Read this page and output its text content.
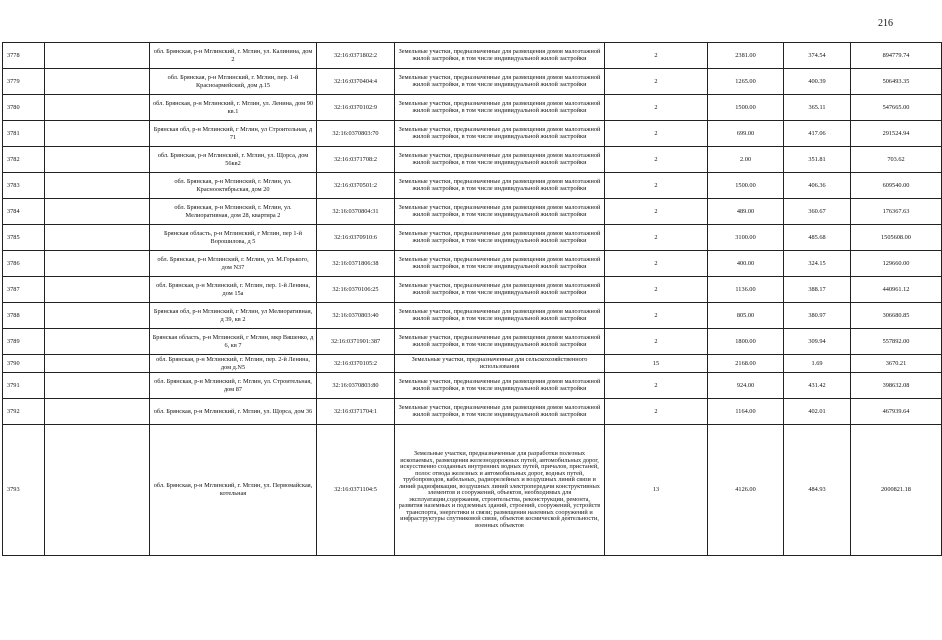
216
3778		обл. Брянская, р-н Мглинский, г. Мглин, ул. Калинина, дом 2	32:16:0371802:2	Земельные участки, предназначенные для размещения домов малоэтажной жилой застройки, в том числе индивидуальной жилой застройки	2	2381.00	374.54	894779.74
3779		обл. Брянская, р-н Мглинский, г. Мглин, пер. 1-й Красноармейский, дом д.15	32:16:0370404:4	Земельные участки, предназначенные для размещения домов малоэтажной жилой застройки, в том числе индивидуальной жилой застройки	2	1265.00	400.39	506493.35
3780		обл. Брянская, р-н Мглинский, г. Мглин, ул. Ленина, дом 90 кв.1	32:16:0370102:9	Земельные участки, предназначенные для размещения домов малоэтажной жилой застройки, в том числе индивидуальной жилой застройки	2	1500.00	365.11	547665.00
3781		Брянская обл, р-н Мглинский, г Мглин, ул Строительная, д 71	32:16:0370803:70	Земельные участки, предназначенные для размещения домов малоэтажной жилой застройки, в том числе индивидуальной жилой застройки	2	699.00	417.06	291524.94
3782		обл. Брянская, р-н Мглинский, г. Мглин, ул. Щорса, дом 56кв2	32:16:0371708:2	Земельные участки, предназначенные для размещения домов малоэтажной жилой застройки, в том числе индивидуальной жилой застройки	2	2.00	351.81	703.62
3783		обл. Брянская, р-н Мглинский, г. Мглин, ул. Краснооктябрьская, дом 20	32:16:0370501:2	Земельные участки, предназначенные для размещения домов малоэтажной жилой застройки, в том числе индивидуальной жилой застройки	2	1500.00	406.36	609540.00
3784		обл. Брянская, р-н Мглинский, г. Мглин, ул. Мелиоративная, дом 28, квартира 2	32:16:0370804:31	Земельные участки, предназначенные для размещения домов малоэтажной жилой застройки, в том числе индивидуальной жилой застройки	2	489.00	360.67	176367.63
3785		Брянская область, р-н Мглинский, г Мглин, пер 1-й Ворошилова, д 5	32:16:0370910:6	Земельные участки, предназначенные для размещения домов малоэтажной жилой застройки, в том числе индивидуальной жилой застройки	2	3100.00	485.68	1505608.00
3786		обл. Брянская, р-н Мглинский, г. Мглин, ул. М.Горького, дом N37	32:16:0371806:38	Земельные участки, предназначенные для размещения домов малоэтажной жилой застройки, в том числе индивидуальной жилой застройки	2	400.00	324.15	129660.00
3787		обл. Брянская, р-н Мглинский, г. Мглин, пер. 1-й Ленина, дом 15а	32:16:0370106:25	Земельные участки, предназначенные для размещения домов малоэтажной жилой застройки, в том числе индивидуальной жилой застройки	2	1136.00	388.17	440961.12
3788		Брянская обл, р-н Мглинский, г Мглин, ул Мелиоративная, д 39, кв 2	32:16:0370803:40	Земельные участки, предназначенные для размещения домов малоэтажной жилой застройки, в том числе индивидуальной жилой застройки	2	805.00	380.97	306680.85
3789		Брянская область, р-н Мглинский, г Мглин, мкр Вяшенко, д 6, кв 7	32:16:0371901:387	Земельные участки, предназначенные для размещения домов малоэтажной жилой застройки, в том числе индивидуальной жилой застройки	2	1800.00	309.94	557892.00
3790		обл. Брянская, р-н Мглинский, г. Мглин, пер. 2-й Ленина, дом д.N5	32:16:0370105:2	Земельные участки, предназначенные для сельскохозяйственного использования	15	2168.00	1.69	3670.21
3791		обл. Брянская, р-н Мглинский, г. Мглин, ул. Строительная, дом 87	32:16:0370803:80	Земельные участки, предназначенные для размещения домов малоэтажной жилой застройки, в том числе индивидуальной жилой застройки	2	924.00	431.42	398632.08
3792		обл. Брянская, р-н Мглинский, г. Мглин, ул. Щорса, дом 36	32:16:0371704:1	Земельные участки, предназначенные для размещения домов малоэтажной жилой застройки, в том числе индивидуальной жилой застройки	2	1164.00	402.01	467939.64
3793		обл. Брянская, р-н Мглинский, г. Мглин, ул. Первомайская, котельная	32:16:0371104:5	Земельные участки, предназначенные для разработки полезных ископаемых, размещения железнодорожных путей, автомобильных дорог, искусственно созданных внутренних водных путей, причалов, пристаней, полос отвода железных и автомобильных дорог, водных путей, трубопроводов, кабельных, радиорелейных и воздушных линий связи и линий радиофикации, воздушных линий электропередачи конструктивных элементов и сооружений, объектов, необходимых для эксплуатации,содержания, строительства, реконструкции, ремонта, развития наземных и подземных зданий, строений, сооружений, устройств транспорта, энергетики и связи; размещения наземных сооружений и инфраструктуры спутниковой связи, объектов космической деятельности, военных объектов	13	4126.00	484.93	2000821.18
